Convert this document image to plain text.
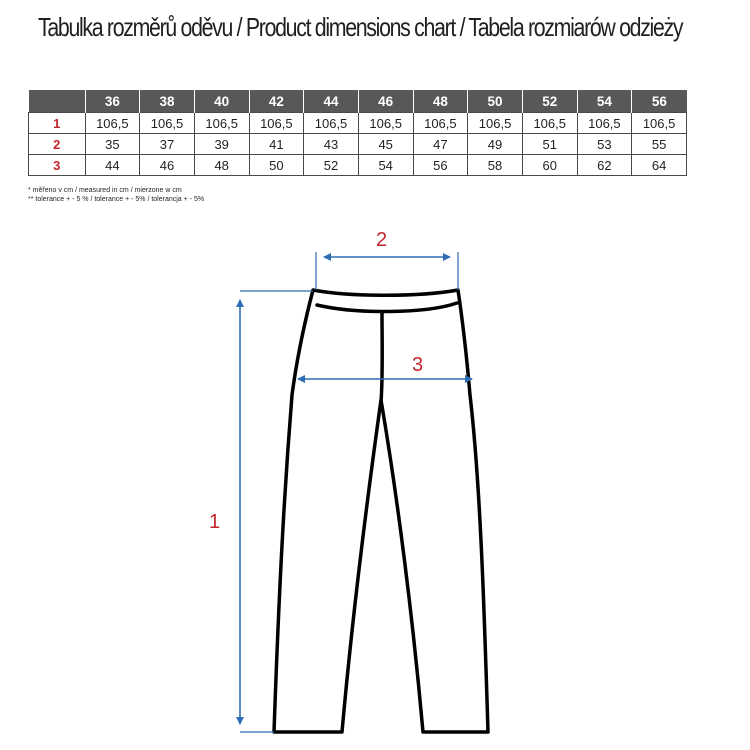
Tabulka rozměrů oděvu / Product dimensions chart / Tabela rozmiarów odzieży
	36	38	40	42	44	46	48	50	52	54	56
1	106,5	106,5	106,5	106,5	106,5	106,5	106,5	106,5	106,5	106,5	106,5
2	35	37	39	41	43	45	47	49	51	53	55
3	44	46	48	50	52	54	56	58	60	62	64
* měřeno v cm / measured in cm / mierzone w cm
** tolerance + - 5 % / tolerance + - 5% / tolerancja + - 5%
1
2
3
